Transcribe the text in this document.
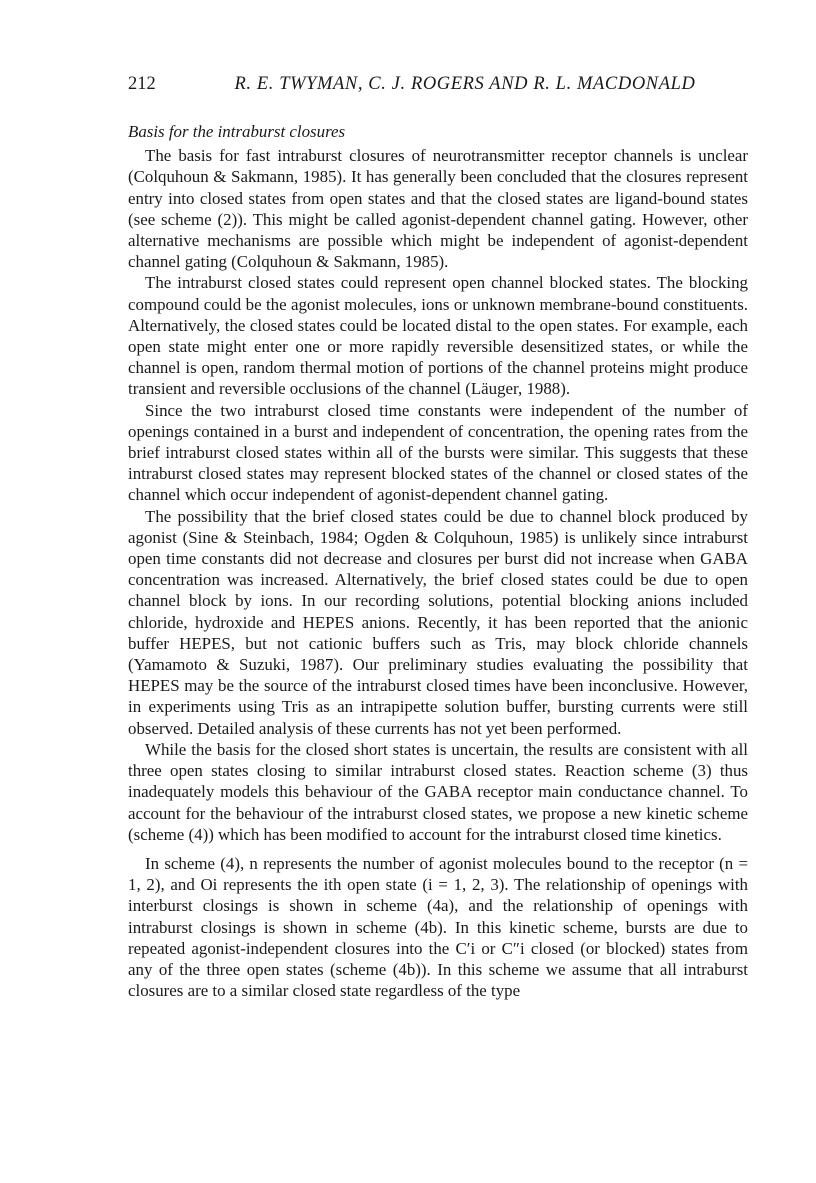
212	R. E. TWYMAN, C. J. ROGERS AND R. L. MACDONALD
Basis for the intraburst closures

The basis for fast intraburst closures of neurotransmitter receptor channels is unclear (Colquhoun & Sakmann, 1985). It has generally been concluded that the closures represent entry into closed states from open states and that the closed states are ligand-bound states (see scheme (2)). This might be called agonist-dependent channel gating. However, other alternative mechanisms are possible which might be independent of agonist-dependent channel gating (Colquhoun & Sakmann, 1985).

The intraburst closed states could represent open channel blocked states. The blocking compound could be the agonist molecules, ions or unknown membrane-bound constituents. Alternatively, the closed states could be located distal to the open states. For example, each open state might enter one or more rapidly reversible desensitized states, or while the channel is open, random thermal motion of portions of the channel proteins might produce transient and reversible occlusions of the channel (Läuger, 1988).

Since the two intraburst closed time constants were independent of the number of openings contained in a burst and independent of concentration, the opening rates from the brief intraburst closed states within all of the bursts were similar. This suggests that these intraburst closed states may represent blocked states of the channel or closed states of the channel which occur independent of agonist-dependent channel gating.

The possibility that the brief closed states could be due to channel block produced by agonist (Sine & Steinbach, 1984; Ogden & Colquhoun, 1985) is unlikely since intraburst open time constants did not decrease and closures per burst did not increase when GABA concentration was increased. Alternatively, the brief closed states could be due to open channel block by ions. In our recording solutions, potential blocking anions included chloride, hydroxide and HEPES anions. Recently, it has been reported that the anionic buffer HEPES, but not cationic buffers such as Tris, may block chloride channels (Yamamoto & Suzuki, 1987). Our preliminary studies evaluating the possibility that HEPES may be the source of the intraburst closed times have been inconclusive. However, in experiments using Tris as an intrapipette solution buffer, bursting currents were still observed. Detailed analysis of these currents has not yet been performed.

While the basis for the closed short states is uncertain, the results are consistent with all three open states closing to similar intraburst closed states. Reaction scheme (3) thus inadequately models this behaviour of the GABA receptor main conductance channel. To account for the behaviour of the intraburst closed states, we propose a new kinetic scheme (scheme (4)) which has been modified to account for the intraburst closed time kinetics.

In scheme (4), n represents the number of agonist molecules bound to the receptor (n = 1, 2), and Oi represents the ith open state (i = 1, 2, 3). The relationship of openings with interburst closings is shown in scheme (4a), and the relationship of openings with intraburst closings is shown in scheme (4b). In this kinetic scheme, bursts are due to repeated agonist-independent closures into the C′i or C″i closed (or blocked) states from any of the three open states (scheme (4b)). In this scheme we assume that all intraburst closures are to a similar closed state regardless of the type
